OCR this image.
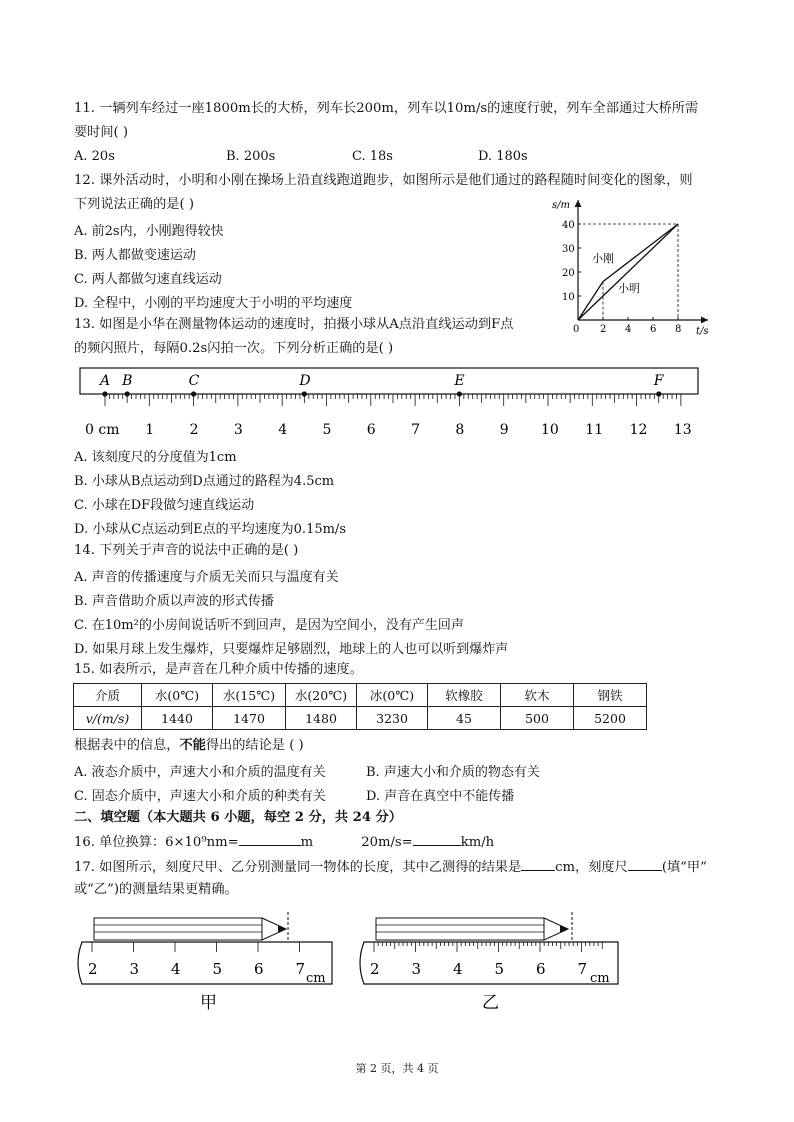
11. 一辆列车经过一座1800m长的大桥，列车长200m，列车以10m/s的速度行驶，列车全部通过大桥所需
要时间( )
A. 20s	B. 200s	C. 18s	D. 180s
12. 课外活动时，小明和小刚在操场上沿直线跑道跑步，如图所示是他们通过的路程随时间变化的图象，则
下列说法正确的是( )
A. 前2s内，小刚跑得较快
B. 两人都做变速运动
C. 两人都做匀速直线运动
D. 全程中，小刚的平均速度大于小明的平均速度
s/m
t/s
0 2 4 6 8
10
20
30
40
小刚
小明
13. 如图是小华在测量物体运动的速度时，拍摄小球从A点沿直线运动到F点
的频闪照片，每隔0.2s闪拍一次。下列分析正确的是( )
0 cm 1	2	3	4	5	6	7	8	9 10 11 12 13
A B	C	D	E	F
A. 该刻度尺的分度值为1cm
B. 小球从B点运动到D点通过的路程为4.5cm
C. 小球在DF段做匀速直线运动
D. 小球从C点运动到E点的平均速度为0.15m/s
14. 下列关于声音的说法中正确的是( )
A. 声音的传播速度与介质无关而只与温度有关
B. 声音借助介质以声波的形式传播
C. 在10m²的小房间说话听不到回声，是因为空间小，没有产生回声
D. 如果月球上发生爆炸，只要爆炸足够剧烈，地球上的人也可以听到爆炸声
15. 如表所示，是声音在几种介质中传播的速度。
介质	水(0℃)	水(15℃)	水(20℃)	冰(0℃)	软橡胶	软木	钢铁
v/(m/s)	1440	1470	1480	3230	45	500	5200
根据表中的信息，不能得出的结论是 ( )
A. 液态介质中，声速大小和介质的温度有关	B. 声速大小和介质的物态有关
C. 固态介质中，声速大小和介质的种类有关	D. 声音在真空中不能传播
二、填空题（本大题共 6 小题，每空 2 分，共 24 分）
16. 单位换算：6×10⁹nm=	m	20m/s=	km/h
17. 如图所示，刻度尺甲、乙分别测量同一物体的长度，其中乙测得的结果是	cm，刻度尺	(填“甲”
或“乙”)的测量结果更精确。
2 3 4 5 6 7
cm
甲
2 3 4 5 6 7
cm
乙
第 2 页，共 4 页
